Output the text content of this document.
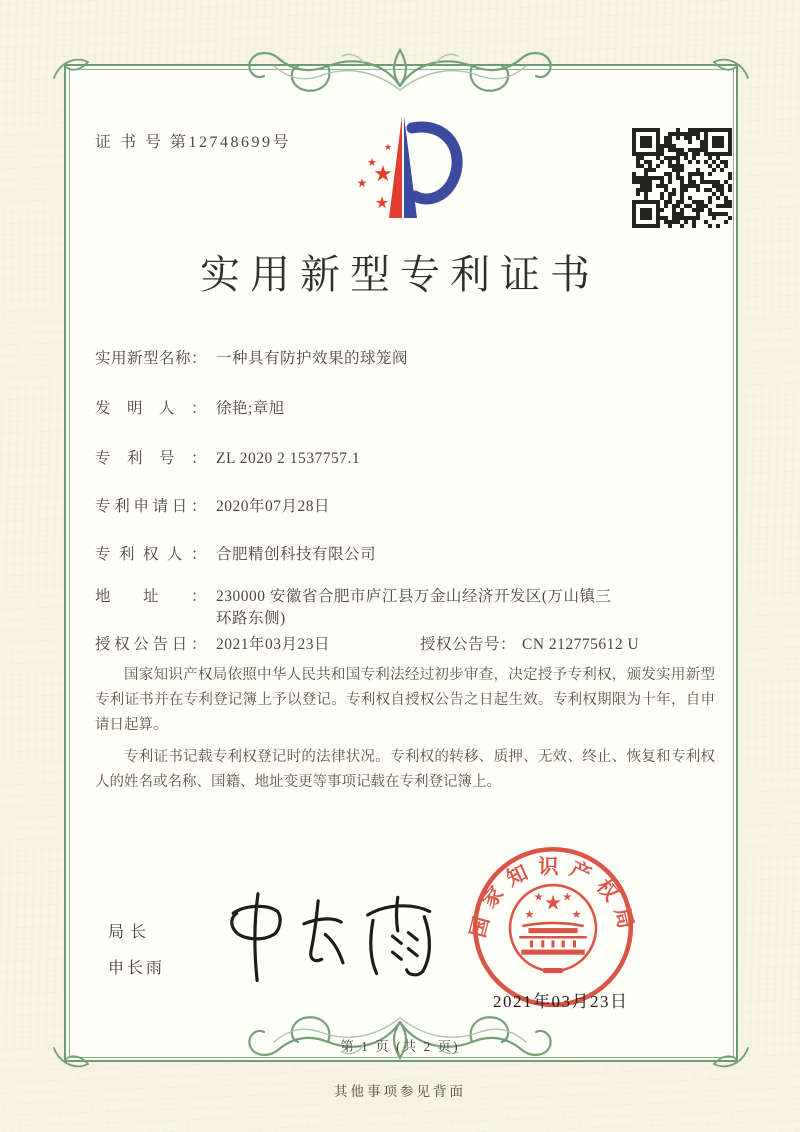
证 书 号 第12748699号	★
★
★ ★
★
实用新型专利证书
实用新型名称： 一种具有防护效果的球笼阀
发明人： 徐艳;章旭
专利号： ZL 2020 2 1537757.1
专利申请日： 2020年07月28日
专利权人： 合肥精创科技有限公司
地址： 230000 安徽省合肥市庐江县万金山经济开发区(万山镇三环路东侧)
授权公告日： 2021年03月23日	授权公告号： CN 212775612 U

国家知识产权局依照中华人民共和国专利法经过初步审查，决定授予专利权，颁发实用新型专利证书并在专利登记簿上予以登记。专利权自授权公告之日起生效。专利权期限为十年，自申请日起算。

专利证书记载专利权登记时的法律状况。专利权的转移、质押、无效、终止、恢复和专利权人的姓名或名称、国籍、地址变更等事项记载在专利登记簿上。

局长
申长雨
国家知识产权局
★
★
★ ★
★
2021年03月23日
第 1 页 (共 2 页)
其他事项参见背面
